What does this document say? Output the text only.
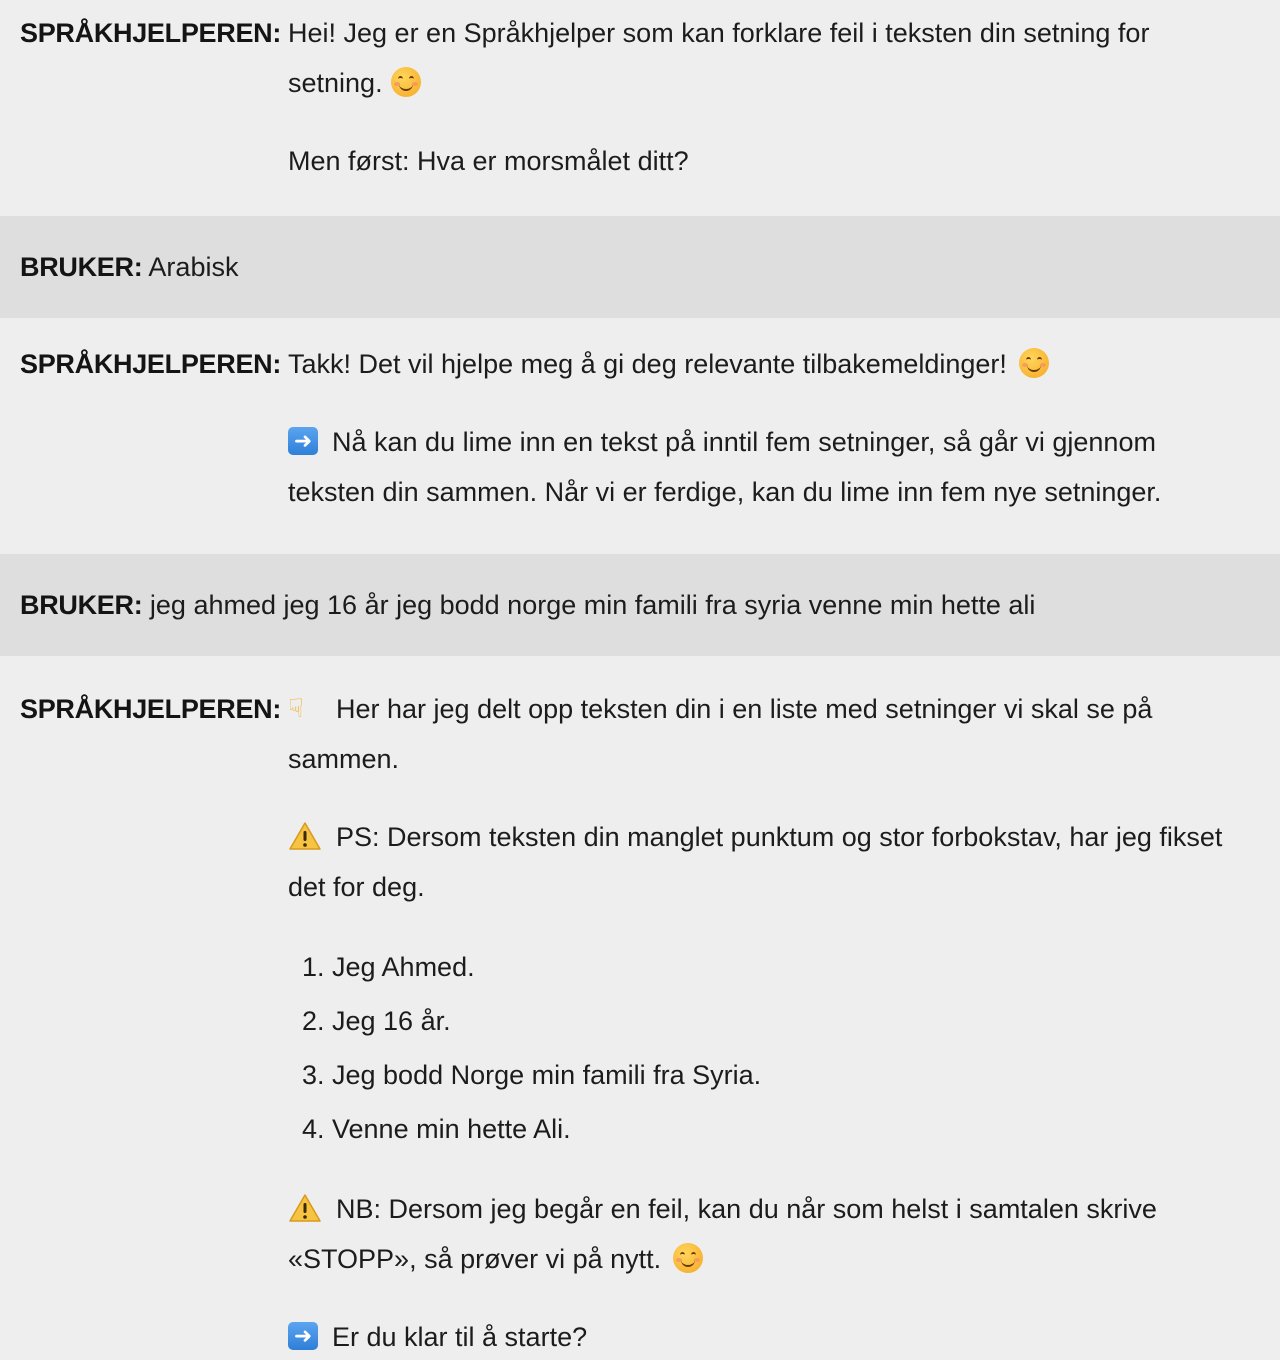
SPRÅKHJELPEREN: Hei! Jeg er en Språkhjelper som kan forklare feil i teksten din setning for setning.

Men først: Hva er morsmålet ditt?

BRUKER: Arabisk
SPRÅKHJELPEREN: Takk! Det vil hjelpe meg å gi deg relevante tilbakemeldinger!

➜ Nå kan du lime inn en tekst på inntil fem setninger, så går vi gjennom teksten din sammen. Når vi er ferdige, kan du lime inn fem nye setninger.

BRUKER: jeg ahmed jeg 16 år jeg bodd norge min famili fra syria venne min hette ali
SPRÅKHJELPEREN: ☟ Her har jeg delt opp teksten din i en liste med setninger vi skal se på sammen.

PS: Dersom teksten din manglet punktum og stor forbokstav, har jeg fikset det for deg.

1. Jeg Ahmed.
2. Jeg 16 år.
3. Jeg bodd Norge min famili fra Syria.
4. Venne min hette Ali.

NB: Dersom jeg begår en feil, kan du når som helst i samtalen skrive «STOPP», så prøver vi på nytt.

➜ Er du klar til å starte?
